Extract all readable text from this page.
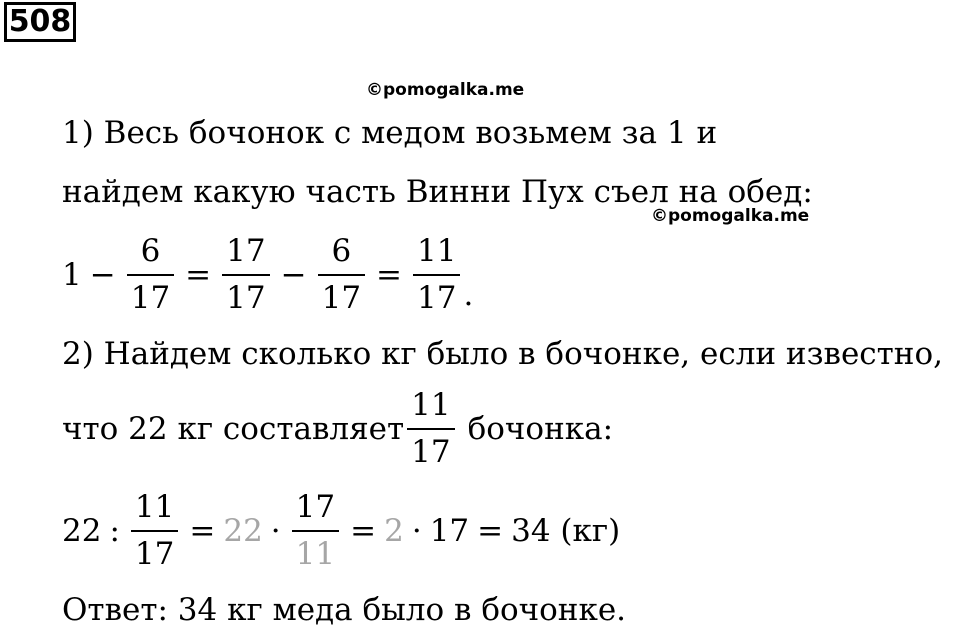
508
©pomogalka.me
©pomogalka.me
1) Весь бочонок с медом возьмем за 1 и
найдем какую часть Винни Пух съел на обед:
$1 - \frac{6}{17} = \frac{17}{17} - \frac{6}{17} = \frac{11}{17}$ .
2) Найдем сколько кг было в бочонке, если известно,
что 22 кг составляет $\frac{11}{17}$ бочонка:
22 : $\frac{11}{17} = 22 \cdot \frac{17}{11} = 2 \cdot 17 = 34$ (кг)
Ответ: 34 кг меда было в бочонке.
